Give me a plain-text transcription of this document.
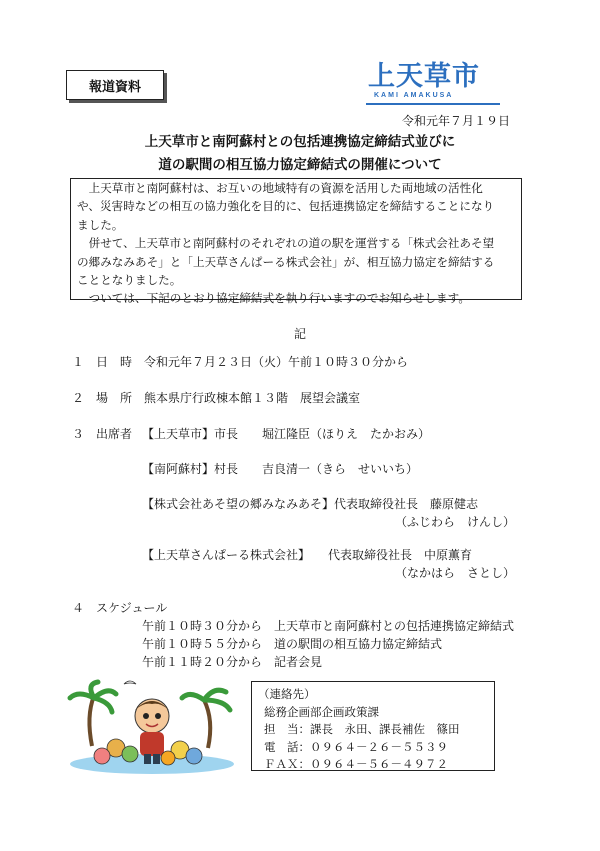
報道資料	上天草市
KAMI AMAKUSA
令和元年７月１９日
上天草市と南阿蘇村との包括連携協定締結式並びに
道の駅間の相互協力協定締結式の開催について

　上天草市と南阿蘇村は、お互いの地域特有の資源を活用した両地域の活性化

や、災害時などの相互の協力強化を目的に、包括連携協定を締結することになり

ました。

　併せて、上天草市と南阿蘇村のそれぞれの道の駅を運営する「株式会社あそ望

の郷みなみあそ」と「上天草さんぱーる株式会社」が、相互協力協定を締結する

こととなりました。

　ついては、下記のとおり協定締結式を執り行いますのでお知らせします。

記
１　日　時　令和元年７月２３日（火）午前１０時３０分から
２　場　所　熊本県庁行政棟本館１３階　展望会議室
３　出席者 【上天草市】市長　　堀江隆臣（ほりえ　たかおみ）
【南阿蘇村】村長　　吉良清一（きら　せいいち）
【株式会社あそ望の郷みなみあそ】代表取締役社長　藤原健志
（ふじわら　けんし）
【上天草さんぱーる株式会社】　　代表取締役社長　中原薫育
（なかはら　さとし）
４　スケジュール
午前１０時３０分から　上天草市と南阿蘇村との包括連携協定締結式
午前１０時５５分から　道の駅間の相互協力協定締結式
午前１１時２０分から　記者会見
（連絡先）
総務企画部企画政策課
担　当：課長　永田、課長補佐　篠田
電　話：０９６４－２６－５５３９
ＦＡＸ：０９６４－５６－４９７２
